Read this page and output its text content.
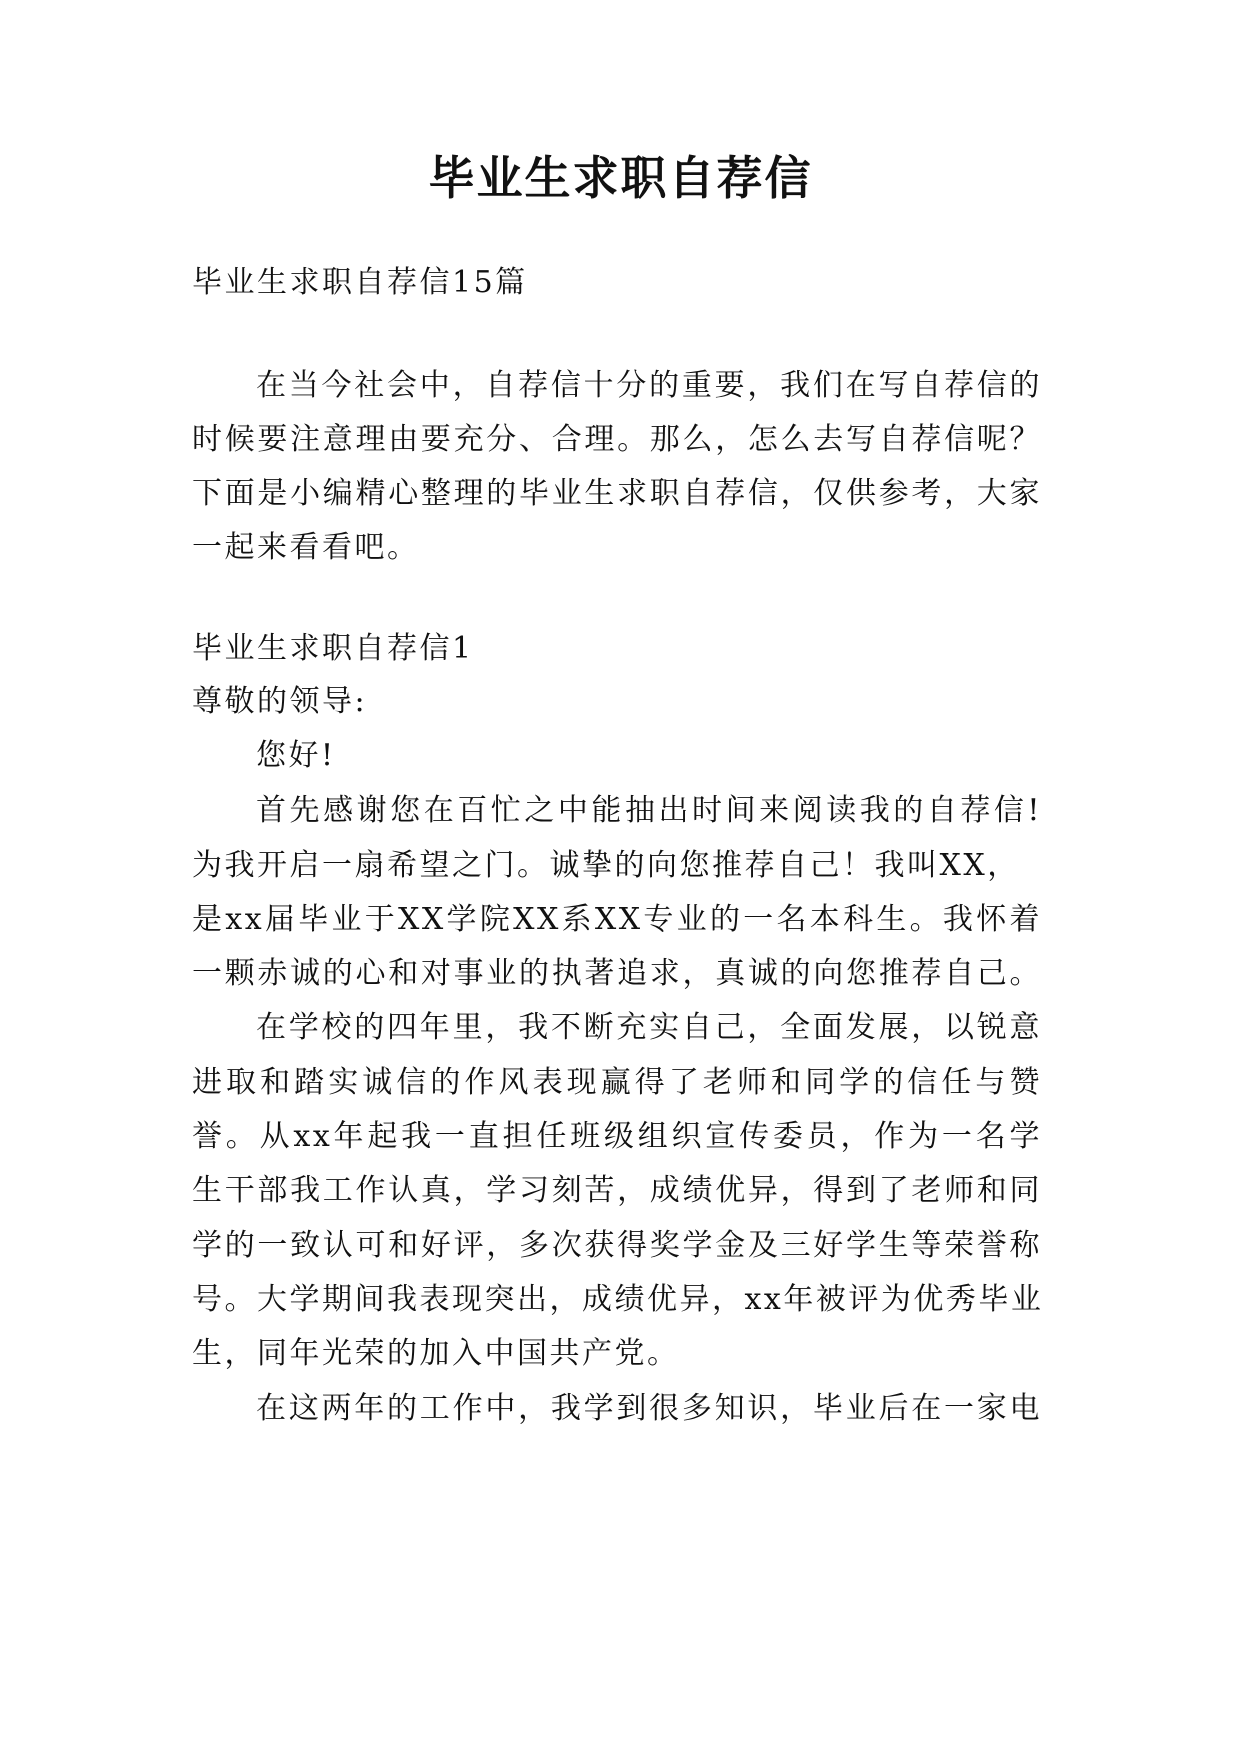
毕业生求职自荐信

毕业生求职自荐信15篇

在当今社会中，自荐信十分的重要，我们在写自荐信的

时候要注意理由要充分、合理。那么，怎么去写自荐信呢？

下面是小编精心整理的毕业生求职自荐信，仅供参考，大家

一起来看看吧。

毕业生求职自荐信1

尊敬的领导:

您好!

首先感谢您在百忙之中能抽出时间来阅读我的自荐信!

为我开启一扇希望之门。诚挚的向您推荐自己！我叫XX，

是xx届毕业于XX学院XX系XX专业的一名本科生。我怀着

一颗赤诚的心和对事业的执著追求，真诚的向您推荐自己。

在学校的四年里，我不断充实自己，全面发展，以锐意

进取和踏实诚信的作风表现赢得了老师和同学的信任与赞

誉。从xx年起我一直担任班级组织宣传委员，作为一名学

生干部我工作认真，学习刻苦，成绩优异，得到了老师和同

学的一致认可和好评，多次获得奖学金及三好学生等荣誉称

号。大学期间我表现突出，成绩优异，xx年被评为优秀毕业

生，同年光荣的加入中国共产党。

在这两年的工作中，我学到很多知识，毕业后在一家电
